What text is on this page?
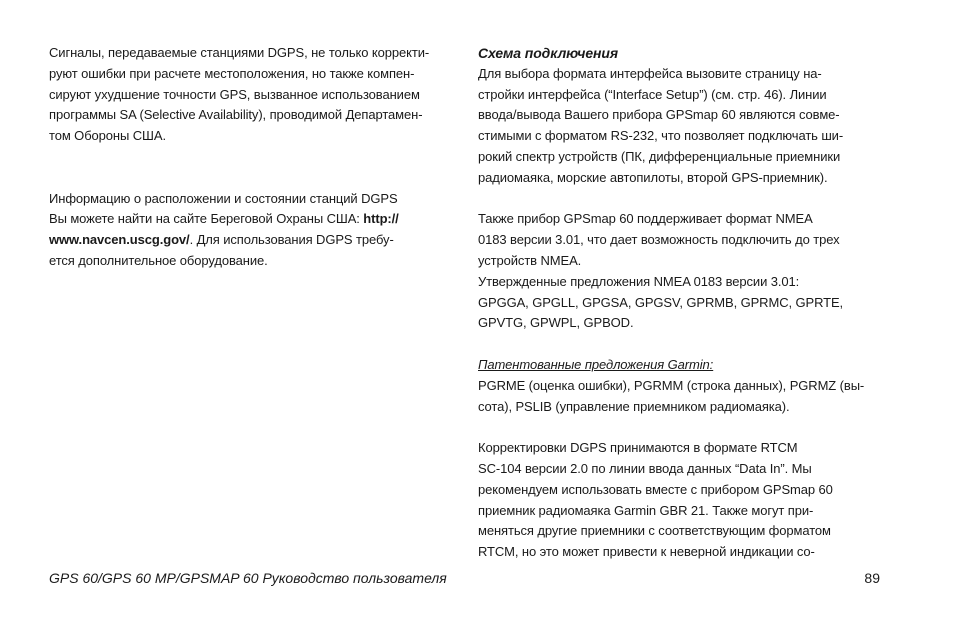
Сигналы, передаваемые станциями DGPS, не только корректи-
руют ошибки при расчете местоположения, но также компен-
сируют ухудшение точности GPS, вызванное использованием
программы SA (Selective Availability), проводимой Департамен-
том Обороны США.
Информацию о расположении и состоянии станций DGPS
Вы можете найти на сайте Береговой Охраны США: http://
www.navcen.uscg.gov/. Для использования DGPS требу-
ется дополнительное оборудование.
Схема подключения
Для выбора формата интерфейса вызовите страницу на-
стройки интерфейса (“Interface Setup”) (см. стр. 46). Линии
ввода/вывода Вашего прибора GPSmap 60 являются совме-
стимыми с форматом RS-232, что позволяет подключать ши-
рокий спектр устройств (ПК, дифференциальные приемники
радиомаяка, морские автопилоты, второй GPS-приемник).
Также прибор GPSmap 60 поддерживает формат NMEA
0183 версии 3.01, что дает возможность подключить до трех
устройств NMEA.
Утвержденные предложения NMEA 0183 версии 3.01:
GPGGA, GPGLL, GPGSA, GPGSV, GPRMB, GPRMC, GPRTE,
GPVTG, GPWPL, GPBOD.
Патентованные предложения Garmin:
PGRME (оценка ошибки), PGRMM (строка данных), PGRMZ (вы-
сота), PSLIB (управление приемником радиомаяка).
Корректировки DGPS принимаются в формате RTCM
SC-104 версии 2.0 по линии ввода данных “Data In”. Мы
рекомендуем использовать вместе с прибором GPSmap 60
приемник радиомаяка Garmin GBR 21. Также могут при-
меняться другие приемники с соответствующим форматом
RTCM, но это может привести к неверной индикации со-
GPS 60/GPS 60 MP/GPSMAP 60 Руководство пользователя	89
